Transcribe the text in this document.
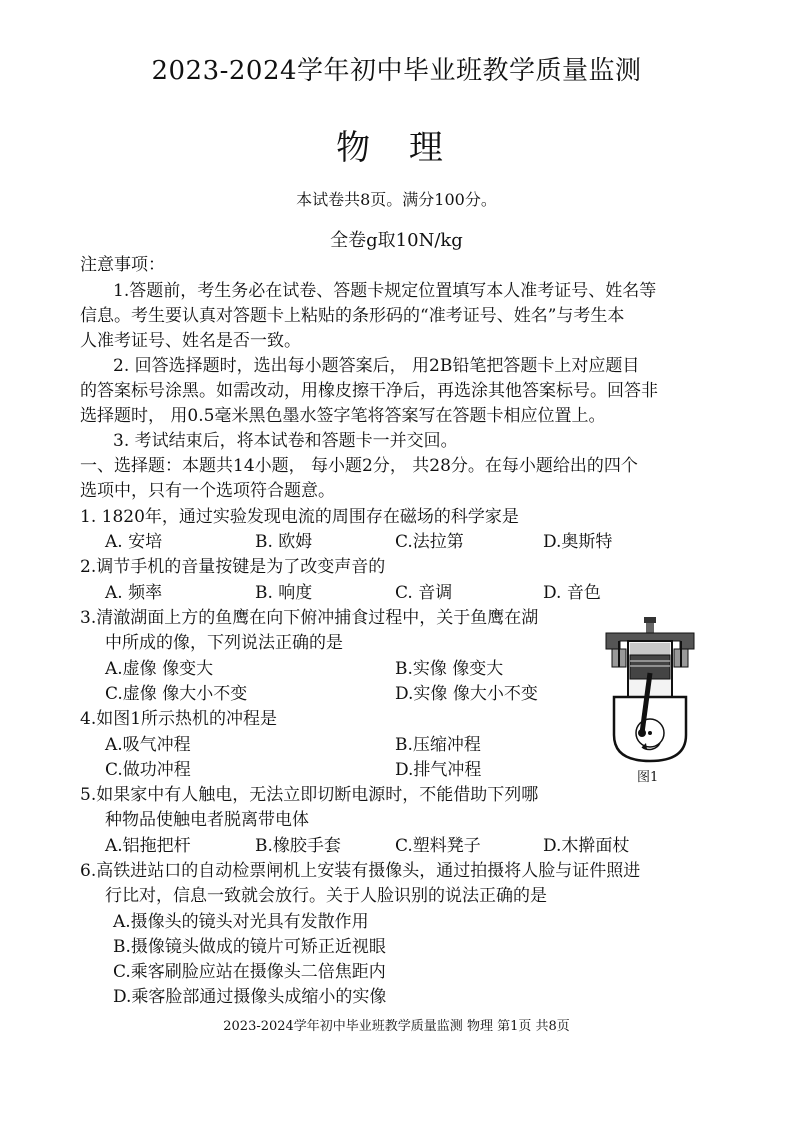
2023-2024学年初中毕业班教学质量监测
物 理
本试卷共8页。满分100分。
全卷g取10N/kg
注意事项：
1.答题前，考生务必在试卷、答题卡规定位置填写本人准考证号、姓名等
信息。考生要认真对答题卡上粘贴的条形码的“准考证号、姓名”与考生本
人准考证号、姓名是否一致。
2. 回答选择题时，选出每小题答案后， 用2B铅笔把答题卡上对应题目
的答案标号涂黑。如需改动，用橡皮擦干净后，再选涂其他答案标号。回答非
选择题时， 用0.5毫米黑色墨水签字笔将答案写在答题卡相应位置上。
3. 考试结束后，将本试卷和答题卡一并交回。
一、选择题：本题共14小题， 每小题2分， 共28分。在每小题给出的四个
选项中，只有一个选项符合题意。
1. 1820年，通过实验发现电流的周围存在磁场的科学家是
A. 安培	B. 欧姆	C.法拉第	D.奥斯特
2.调节手机的音量按键是为了改变声音的
A. 频率	B. 响度	C. 音调	D. 音色
3.清澈湖面上方的鱼鹰在向下俯冲捕食过程中，关于鱼鹰在湖
中所成的像，下列说法正确的是
A.虚像 像变大	B.实像 像变大
C.虚像 像大小不变	D.实像 像大小不变
4.如图1所示热机的冲程是
A.吸气冲程	B.压缩冲程
C.做功冲程	D.排气冲程
5.如果家中有人触电，无法立即切断电源时，不能借助下列哪
种物品使触电者脱离带电体
A.铝拖把杆	B.橡胶手套	C.塑料凳子	D.木擀面杖
6.高铁进站口的自动检票闸机上安装有摄像头，通过拍摄将人脸与证件照进
行比对，信息一致就会放行。关于人脸识别的说法正确的是
A.摄像头的镜头对光具有发散作用
B.摄像镜头做成的镜片可矫正近视眼
C.乘客刷脸应站在摄像头二倍焦距内
D.乘客脸部通过摄像头成缩小的实像
图1
2023-2024学年初中毕业班教学质量监测 物理 第1页 共8页
